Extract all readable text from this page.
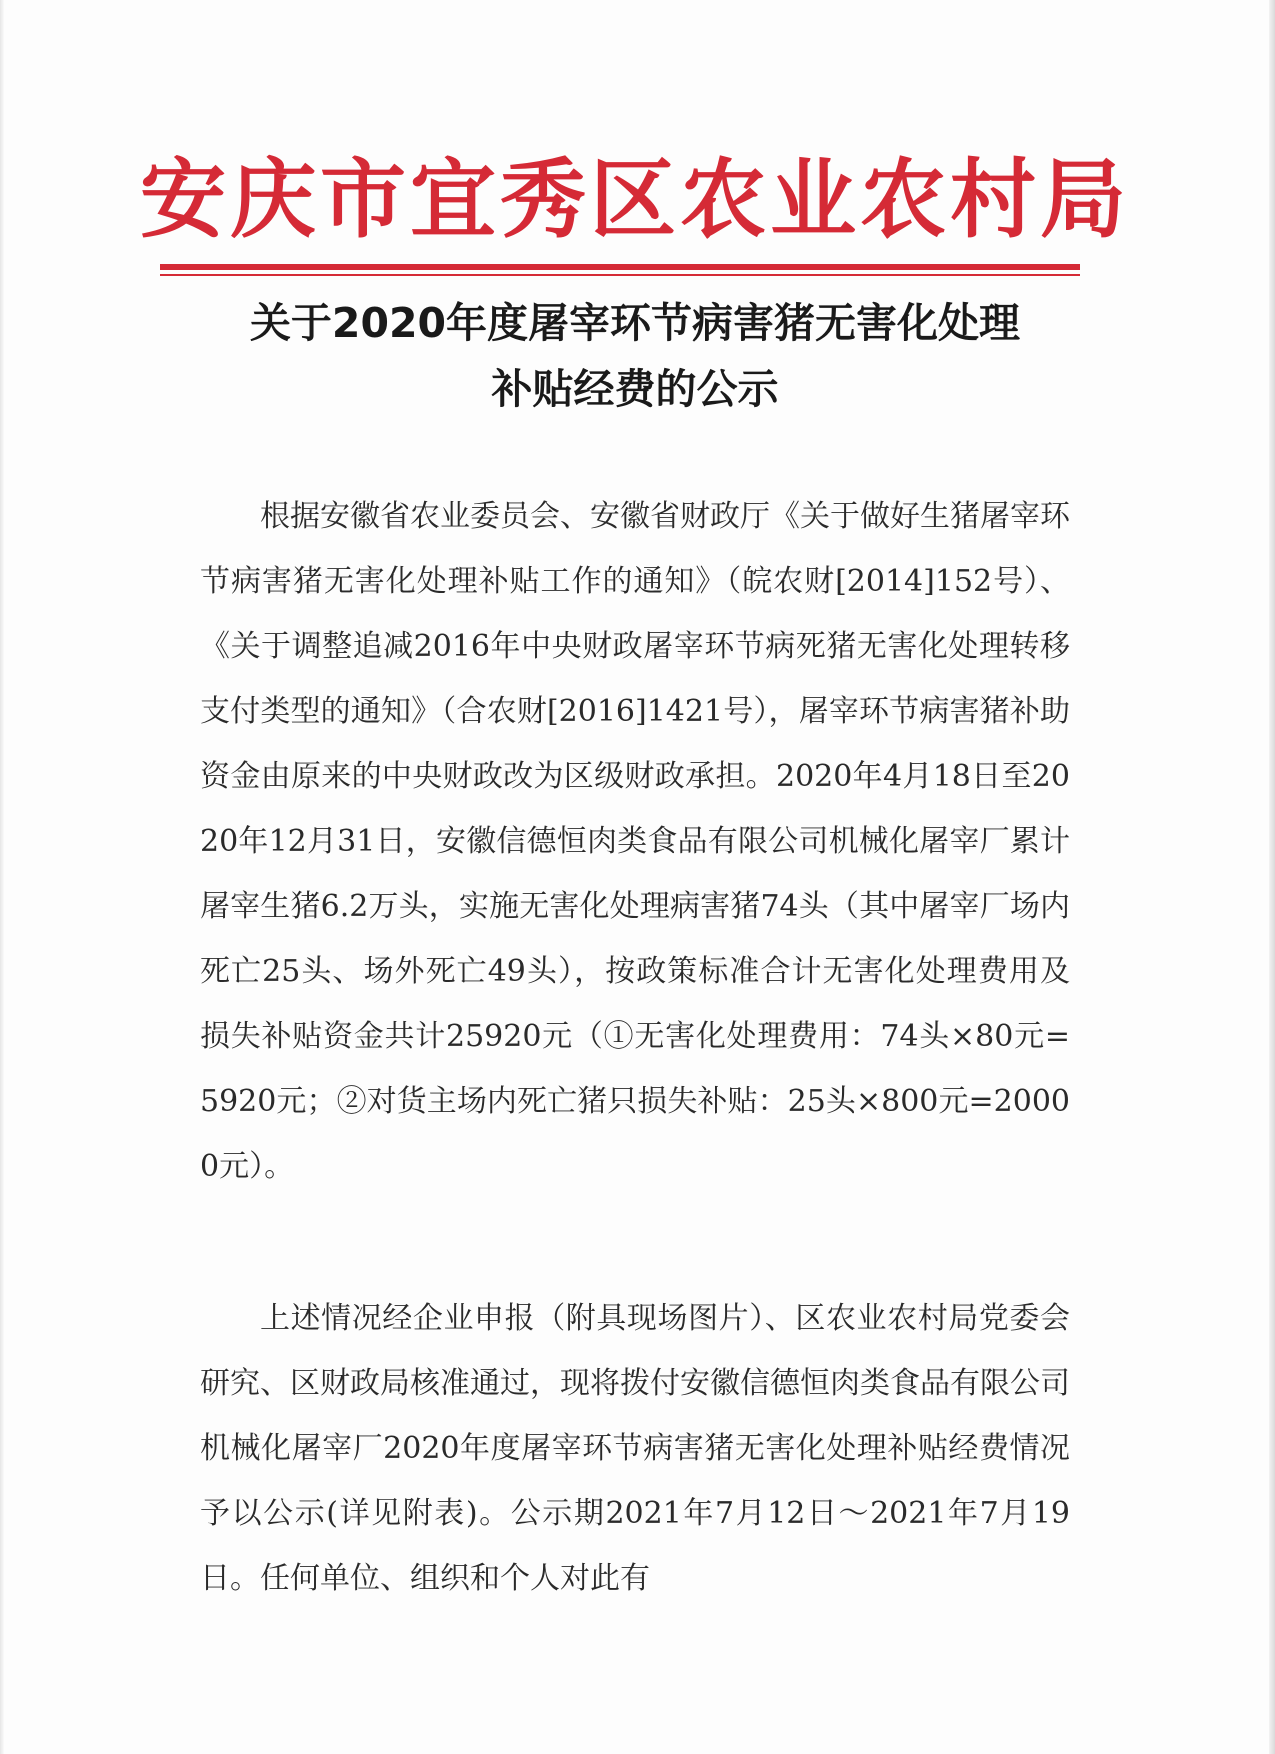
安庆市宜秀区农业农村局
关于2020年度屠宰环节病害猪无害化处理
补贴经费的公示
根据安徽省农业委员会、安徽省财政厅《关于做好生猪屠宰环节病害猪无害化处理补贴工作的通知》（皖农财[2014]152号）、《关于调整追减2016年中央财政屠宰环节病死猪无害化处理转移支付类型的通知》（合农财[2016]1421号），屠宰环节病害猪补助资金由原来的中央财政改为区级财政承担。2020年4月18日至2020年12月31日，安徽信德恒肉类食品有限公司机械化屠宰厂累计屠宰生猪6.2万头，实施无害化处理病害猪74头（其中屠宰厂场内死亡25头、场外死亡49头），按政策标准合计无害化处理费用及损失补贴资金共计25920元（①无害化处理费用：74头×80元=5920元；②对货主场内死亡猪只损失补贴：25头×800元=20000元）。
上述情况经企业申报（附具现场图片）、区农业农村局党委会研究、区财政局核准通过，现将拨付安徽信德恒肉类食品有限公司机械化屠宰厂2020年度屠宰环节病害猪无害化处理补贴经费情况予以公示(详见附表)。公示期2021年7月12日～2021年7月19日。任何单位、组织和个人对此有
